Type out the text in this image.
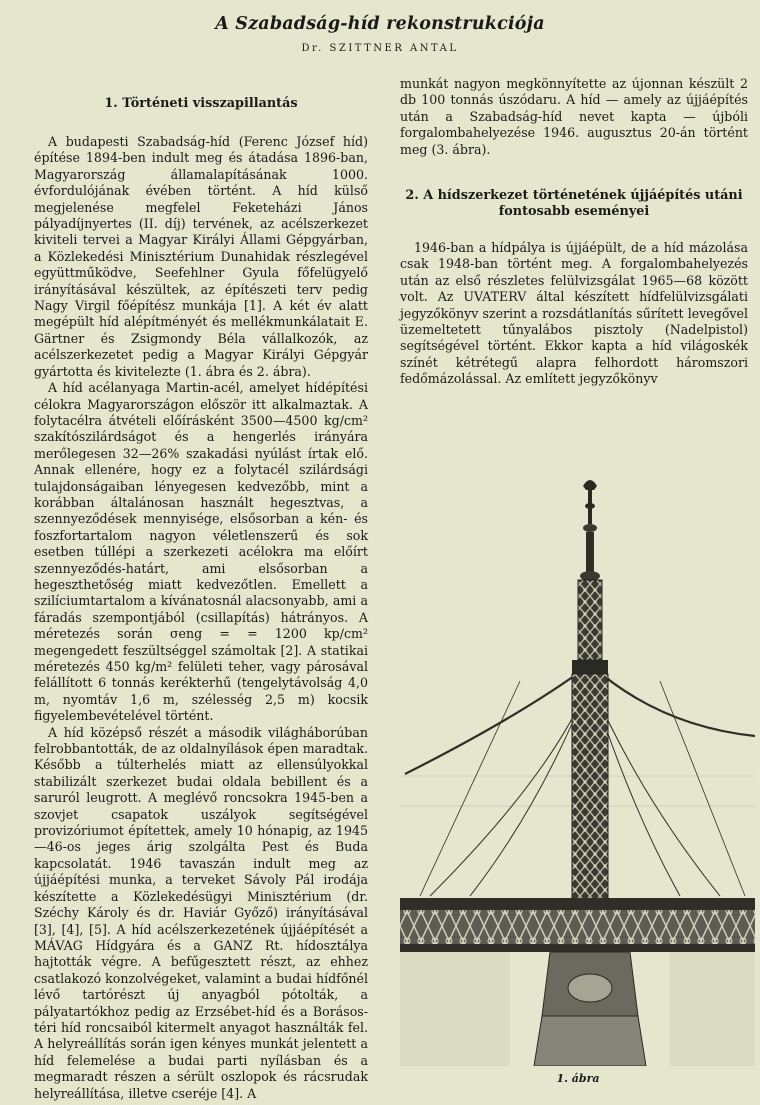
A Szabadság-híd rekonstrukciója
Dr. SZITTNER ANTAL
1. Történeti visszapillantás

A budapesti Szabadság-híd (Ferenc József híd) építése 1894-ben indult meg és átadása 1896-ban, Magyarország államalapításának 1000. évfordulójának évében történt. A híd külső megjelenése megfelel Feketeházi János pályadíjnyertes (II. díj) tervének, az acélszerkezet kiviteli tervei a Magyar Királyi Állami Gépgyárban, a Közlekedési Minisztérium Dunahidak részlegével együttműködve, Seefehlner Gyula főfelügyelő irányításával készültek, az építészeti terv pedig Nagy Virgil főépítész munkája [1]. A két év alatt megépült híd alépítményét és mellékmunkálatait E. Gärtner és Zsigmondy Béla vállalkozók, az acélszerkezetet pedig a Magyar Királyi Gépgyár gyártotta és kivitelezte (1. ábra és 2. ábra).

A híd acélanyaga Martin-acél, amelyet hídépítési célokra Magyarországon először itt alkalmaztak. A folytacélra átvételi előírásként 3500—4500 kg/cm² szakítószilárdságot és a hengerlés irányára merőlegesen 32—26% szakadási nyúlást írtak elő. Annak ellenére, hogy ez a folytacél szilárdsági tulajdonságaiban lényegesen kedvezőbb, mint a korábban általánosan használt hegesztvas, a szennyeződések mennyisége, elsősorban a kén- és foszfortartalom nagyon véletlenszerű és sok esetben túllépi a szerkezeti acélokra ma előírt szennyeződés-határt, ami elsősorban a hegeszthetőség miatt kedvezőtlen. Emellett a szilíciumtartalom a kívánatosnál alacsonyabb, ami a fáradás szempontjából (csillapítás) hátrányos. A méretezés során σeng = = 1200 kp/cm² megengedett feszültséggel számoltak [2]. A statikai méretezés 450 kg/m² felületi teher, vagy párosával felállított 6 tonnás kerékterhű (tengelytávolság 4,0 m, nyomtáv 1,6 m, szélesség 2,5 m) kocsik figyelembevételével történt.

A híd középső részét a második világháborúban felrobbantották, de az oldalnyílások épen maradtak. Később a túlterhelés miatt az ellensúlyokkal stabilizált szerkezet budai oldala bebillent és a saruról leugrott. A meglévő roncsokra 1945-ben a szovjet csapatok uszályok segítségével provizóriumot építettek, amely 10 hónapig, az 1945—46-os jeges árig szolgálta Pest és Buda kapcsolatát. 1946 tavaszán indult meg az újjáépítési munka, a terveket Sávoly Pál irodája készítette a Közlekedésügyi Minisztérium (dr. Széchy Károly és dr. Haviár Győző) irányításával [3], [4], [5]. A híd acélszerkezetének újjáépítését a MÁVAG Hídgyára és a GANZ Rt. hídosztálya hajtották végre. A befűgesztett részt, az ehhez csatlakozó konzolvégeket, valamint a budai hídfőnél lévő tartórészt új anyagból pótolták, a pályatartókhoz pedig az Erzsébet-híd és a Borásos-téri híd roncsaiból kitermelt anyagot használták fel. A helyreállítás során igen kényes munkát jelentett a híd felemelése a budai parti nyílásban és a megmaradt részen a sérült oszlopok és rácsrudak helyreállítása, illetve cseréje [4]. A

munkát nagyon megkönnyítette az újonnan készült 2 db 100 tonnás úszódaru. A híd — amely az újjáépítés után a Szabadság-híd nevet kapta — újbóli forgalombahelyezése 1946. augusztus 20-án történt meg (3. ábra).

2. A hídszerkezet történetének újjáépítés utáni fontosabb eseményei

1946-ban a hídpálya is újjáépült, de a híd mázolása csak 1948-ban történt meg. A forgalombahelyezés után az első részletes felülvizsgálat 1965—68 között volt. Az UVATERV által készített hídfelülvizsgálati jegyzőkönyv szerint a rozsdátlanítás sűrített levegővel üzemeltetett tűnyalábos pisztoly (Nadelpistol) segítségével történt. Ekkor kapta a híd világoskék színét kétrétegű alapra felhordott háromszori fedőmázolással. Az említett jegyzőkönyv

1. ábra
